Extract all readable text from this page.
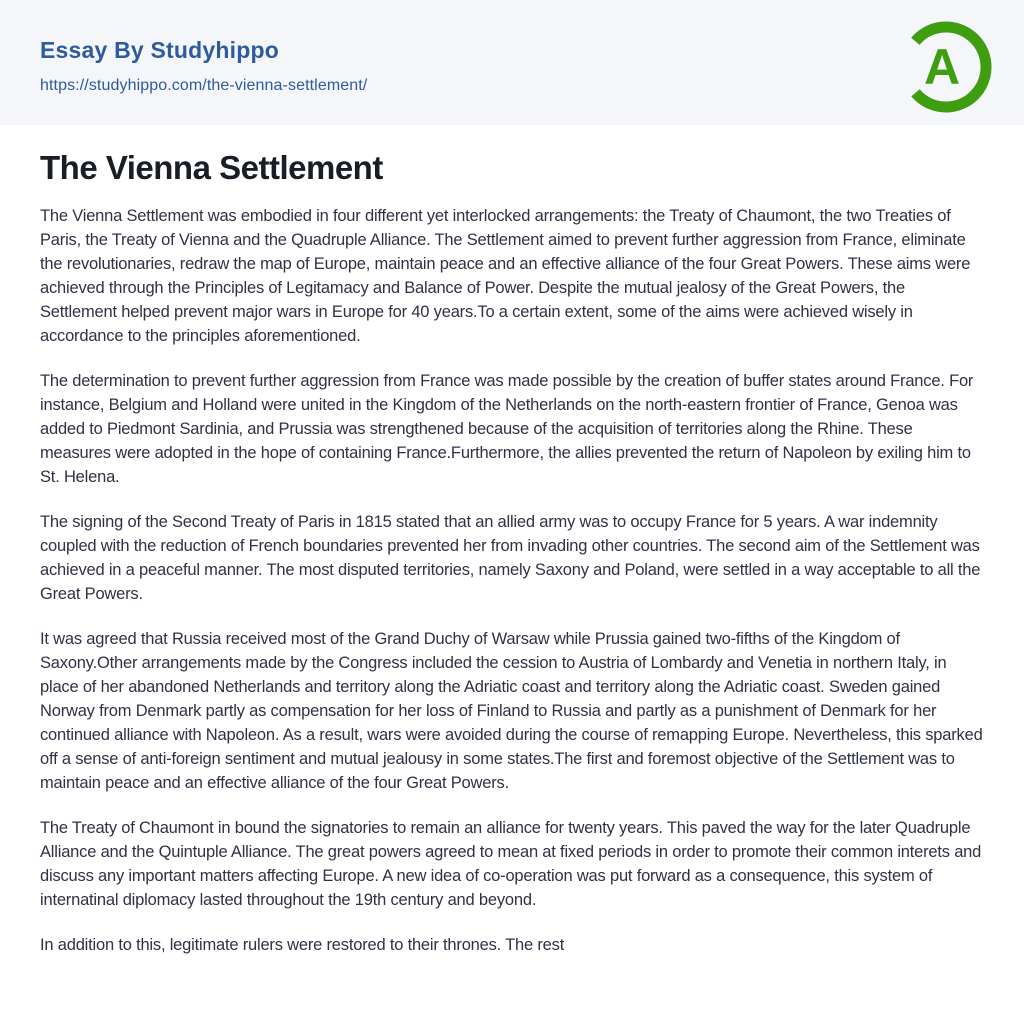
Essay By Studyhippo
https://studyhippo.com/the-vienna-settlement/	A
The Vienna Settlement

The Vienna Settlement was embodied in four different yet interlocked arrangements: the Treaty of Chaumont, the two Treaties of Paris, the Treaty of Vienna and the Quadruple Alliance. The Settlement aimed to prevent further aggression from France, eliminate the revolutionaries, redraw the map of Europe, maintain peace and an effective alliance of the four Great Powers. These aims were achieved through the Principles of Legitamacy and Balance of Power. Despite the mutual jealosy of the Great Powers, the Settlement helped prevent major wars in Europe for 40 years.To a certain extent, some of the aims were achieved wisely in accordance to the principles aforementioned.

The determination to prevent further aggression from France was made possible by the creation of buffer states around France. For instance, Belgium and Holland were united in the Kingdom of the Netherlands on the north-eastern frontier of France, Genoa was added to Piedmont Sardinia, and Prussia was strengthened because of the acquisition of territories along the Rhine. These measures were adopted in the hope of containing France.Furthermore, the allies prevented the return of Napoleon by exiling him to St. Helena.

The signing of the Second Treaty of Paris in 1815 stated that an allied army was to occupy France for 5 years. A war indemnity coupled with the reduction of French boundaries prevented her from invading other countries. The second aim of the Settlement was achieved in a peaceful manner. The most disputed territories, namely Saxony and Poland, were settled in a way acceptable to all the Great Powers.

It was agreed that Russia received most of the Grand Duchy of Warsaw while Prussia gained two-fifths of the Kingdom of Saxony.Other arrangements made by the Congress included the cession to Austria of Lombardy and Venetia in northern Italy, in place of her abandoned Netherlands and territory along the Adriatic coast and territory along the Adriatic coast. Sweden gained Norway from Denmark partly as compensation for her loss of Finland to Russia and partly as a punishment of Denmark for her continued alliance with Napoleon. As a result, wars were avoided during the course of remapping Europe. Nevertheless, this sparked off a sense of anti-foreign sentiment and mutual jealousy in some states.The first and foremost objective of the Settlement was to maintain peace and an effective alliance of the four Great Powers.

The Treaty of Chaumont in bound the signatories to remain an alliance for twenty years. This paved the way for the later Quadruple Alliance and the Quintuple Alliance. The great powers agreed to mean at fixed periods in order to promote their common interets and discuss any important matters affecting Europe. A new idea of co-operation was put forward as a consequence, this system of internatinal diplomacy lasted throughout the 19th century and beyond.

In addition to this, legitimate rulers were restored to their thrones. The rest
